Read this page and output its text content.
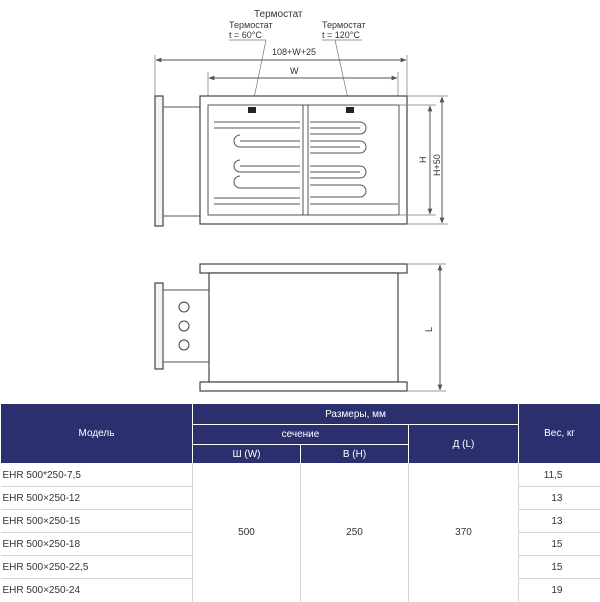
Термостат
Термостат
t = 60°C
Термостат
t = 120°C
108+W+25
W
H H+50
L
Модель	Размеры, мм			Вес, кг
	сечение		Д (L)	
	Ш (W)	В (H)		
EHR 500*250-7,5	500	250	370	11,5
EHR 500×250-12				13
EHR 500×250-15				13
EHR 500×250-18				15
EHR 500×250-22,5				15
EHR 500×250-24				19
